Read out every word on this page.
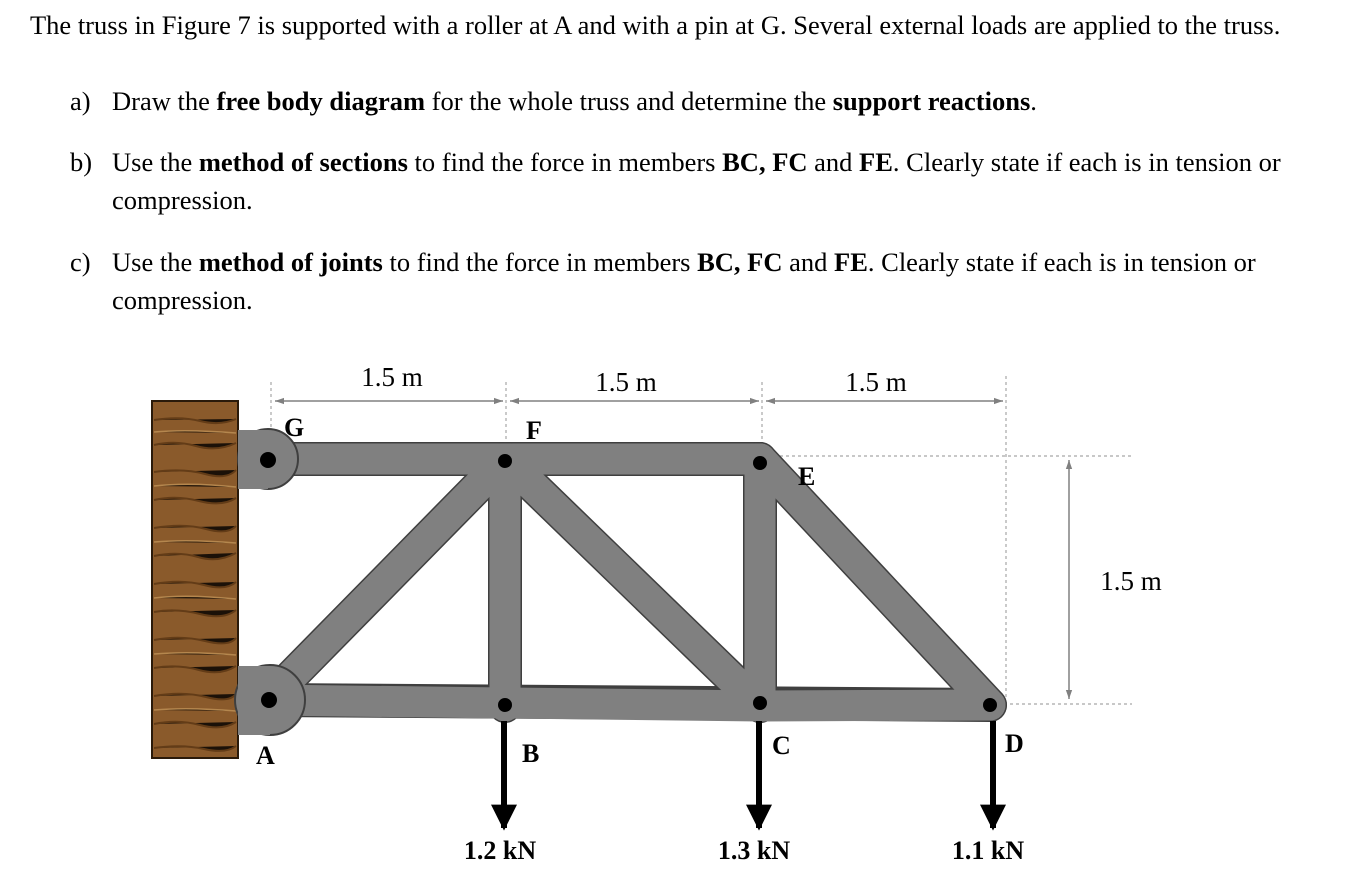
The truss in Figure 7 is supported with a roller at A and with a pin at G. Several external loads are applied to the truss.

a) Draw the free body diagram for the whole truss and determine the support reactions.
b) Use the method of sections to find the force in members BC, FC and FE. Clearly state if each is in tension or compression.
c) Use the method of joints to find the force in members BC, FC and FE. Clearly state if each is in tension or compression.
1.5 m	1.5 m	1.5 m
1.5 m
G	F
E
A	B	C	D
1.2 kN	1.3 kN	1.1 kN
